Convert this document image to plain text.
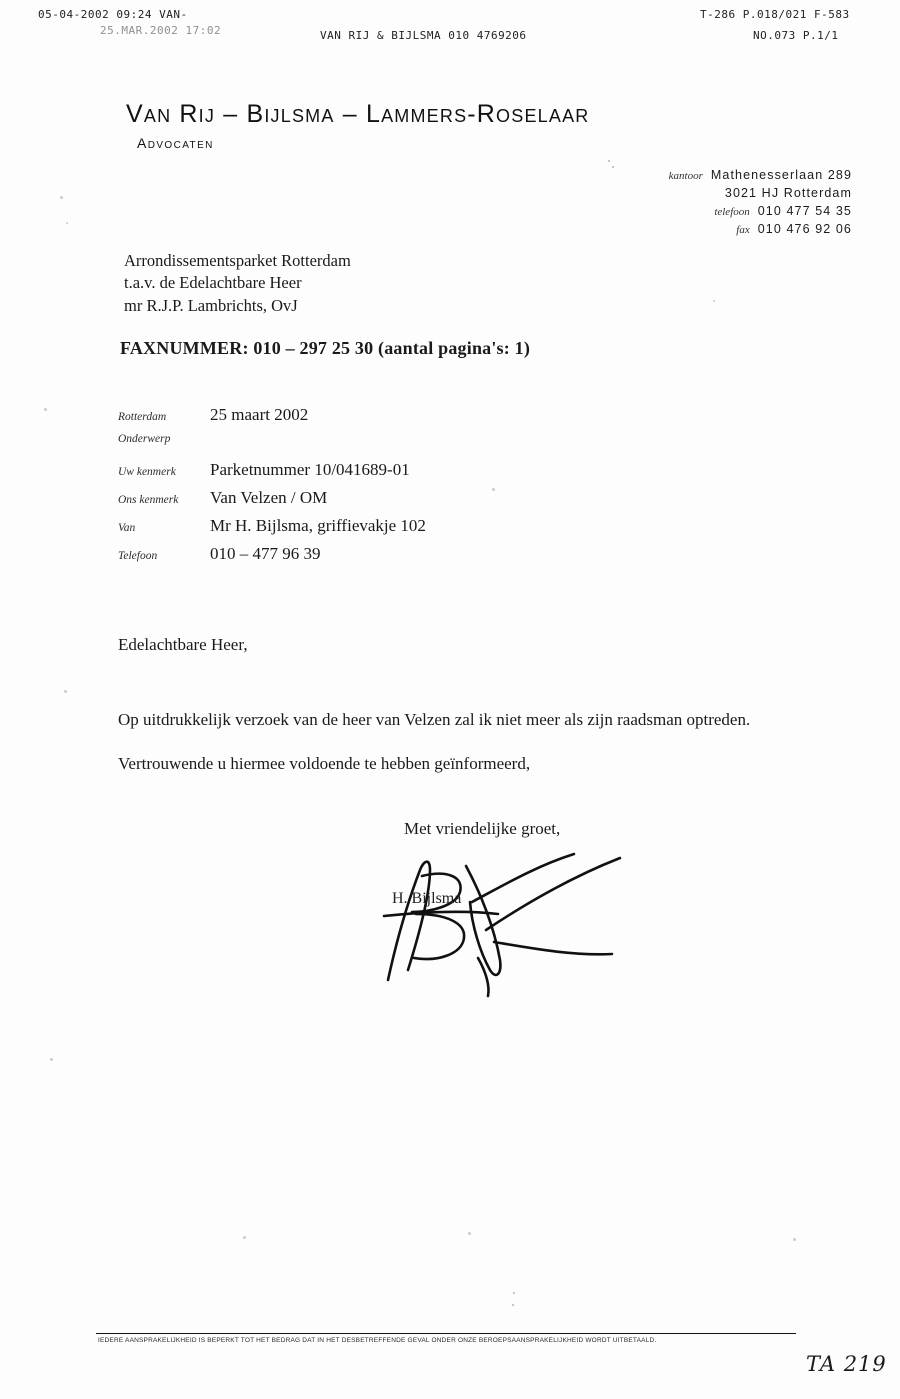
05-04-2002 09:24 VAN-	T-286 P.018/021 F-583
25.MAR.2002 17:02	VAN RIJ & BIJLSMA 010 4769206	NO.073 P.1/1
Van Rij – Bijlsma – Lammers-Roselaar
Advocaten
kantoor Mathenesserlaan 289
3021 HJ Rotterdam
telefoon 010 477 54 35
fax 010 476 92 06
Arrondissementsparket Rotterdam
t.a.v. de Edelachtbare Heer
mr R.J.P. Lambrichts, OvJ
FAXNUMMER: 010 – 297 25 30 (aantal pagina's: 1)
Rotterdam	25 maart 2002
Onderwerp
Uw kenmerk	Parketnummer 10/041689-01
Ons kenmerk	Van Velzen / OM
Van	Mr H. Bijlsma, griffievakje 102
Telefoon	010 – 477 96 39
Edelachtbare Heer,
Op uitdrukkelijk verzoek van de heer van Velzen zal ik niet meer als zijn raadsman optreden.
Vertrouwende u hiermee voldoende te hebben geïnformeerd,
Met vriendelijke groet,
H. Bijlsma
IEDERE AANSPRAKELIJKHEID IS BEPERKT TOT HET BEDRAG DAT IN HET DESBETREFFENDE GEVAL ONDER ONZE BEROEPSAANSPRAKELIJKHEID WORDT UITBETAALD.
TA 219
